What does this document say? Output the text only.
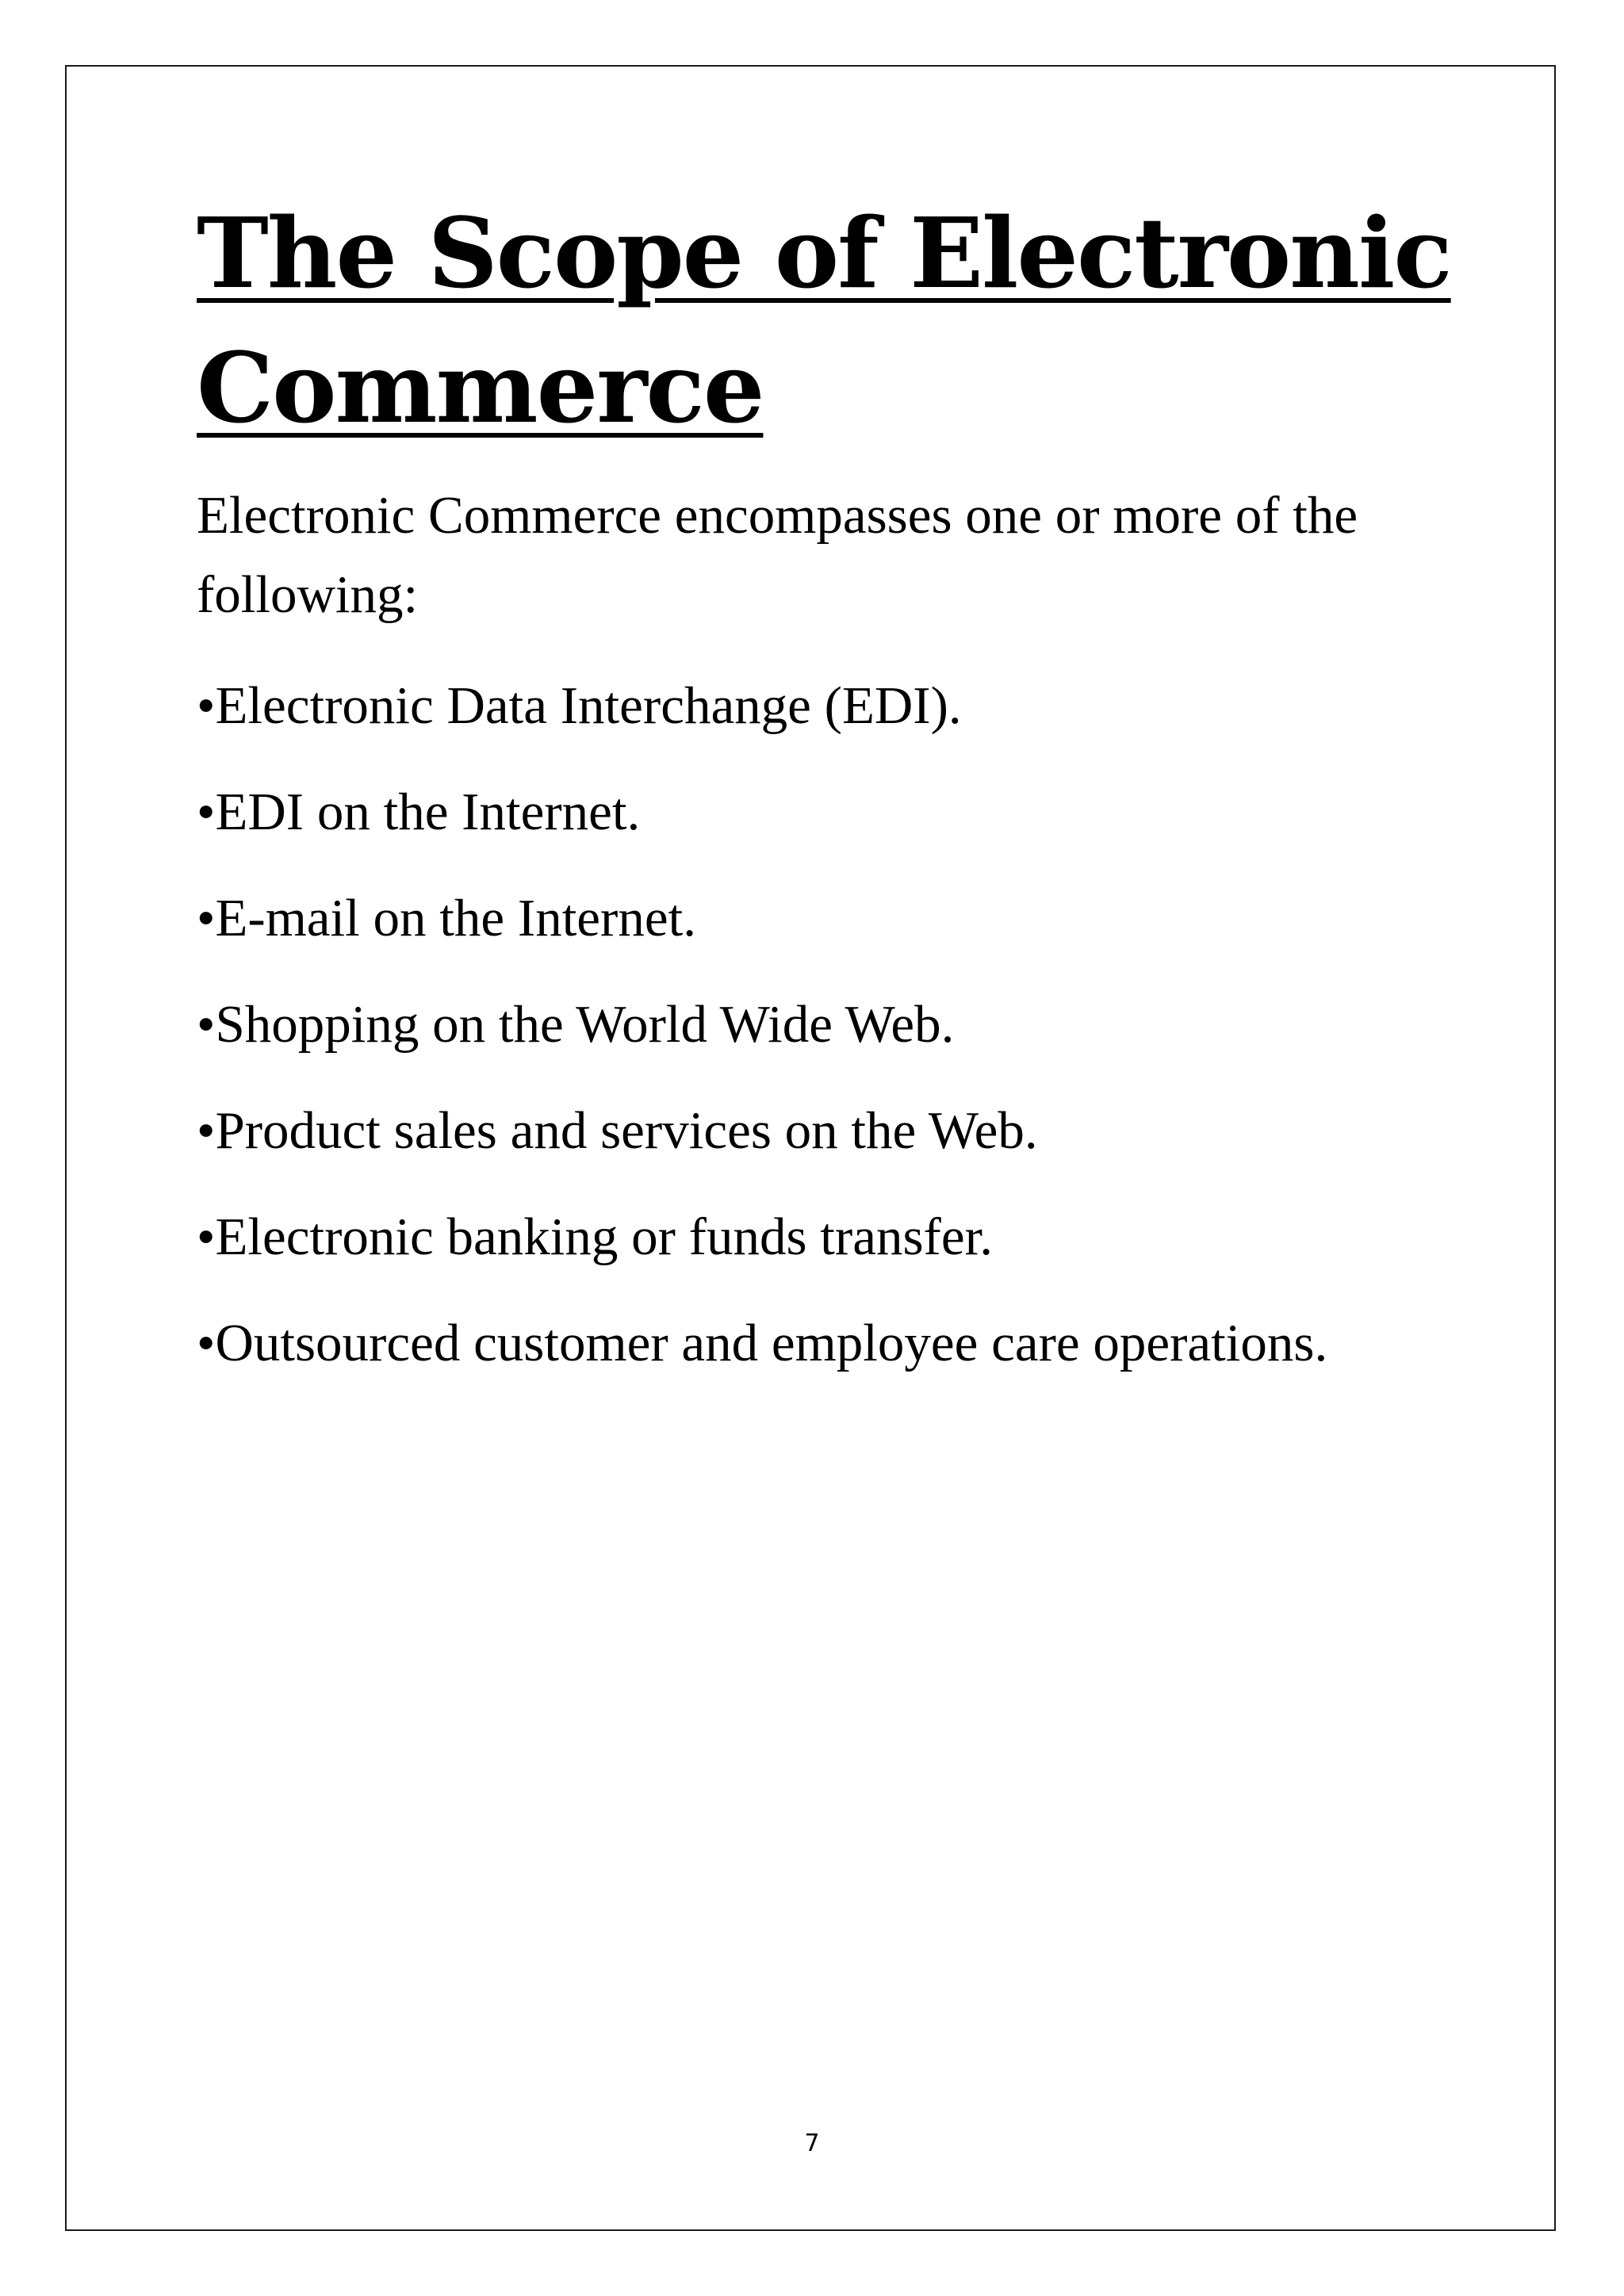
The Scope of Electronic Commerce

Electronic Commerce encompasses one or more of the following:

•Electronic Data Interchange (EDI).
•EDI on the Internet.
•E-mail on the Internet.
•Shopping on the World Wide Web.
•Product sales and services on the Web.
•Electronic banking or funds transfer.
•Outsourced customer and employee care operations.
7
